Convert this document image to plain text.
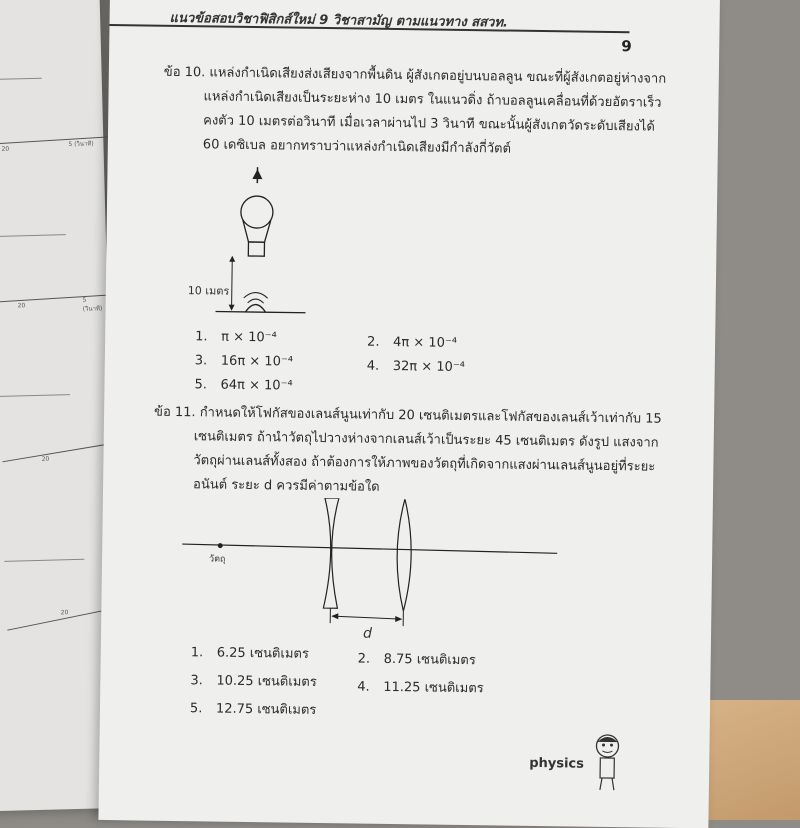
20
5 (วินาที)
20
5 (วินาที)
20
20
แนวข้อสอบวิชาฟิสิกส์ใหม่ 9 วิชาสามัญ ตามแนวทาง สสวท.
9
ข้อ 10. แหล่งกำเนิดเสียงส่งเสียงจากพื้นดิน ผู้สังเกตอยู่บนบอลลูน ขณะที่ผู้สังเกตอยู่ห่างจาก
แหล่งกำเนิดเสียงเป็นระยะห่าง 10 เมตร ในแนวดิ่ง ถ้าบอลลูนเคลื่อนที่ด้วยอัตราเร็ว
คงตัว 10 เมตรต่อวินาที เมื่อเวลาผ่านไป 3 วินาที ขณะนั้นผู้สังเกตวัดระดับเสียงได้
60 เดซิเบล อยากทราบว่าแหล่งกำเนิดเสียงมีกำลังกี่วัตต์
10 เมตร
1. π × 10⁻⁴	2. 4π × 10⁻⁴
3. 16π × 10⁻⁴	4. 32π × 10⁻⁴
5. 64π × 10⁻⁴
ข้อ 11. กำหนดให้โฟกัสของเลนส์นูนเท่ากับ 20 เซนติเมตรและโฟกัสของเลนส์เว้าเท่ากับ 15
เซนติเมตร ถ้านำวัตถุไปวางห่างจากเลนส์เว้าเป็นระยะ 45 เซนติเมตร ดังรูป แสงจาก
วัตถุผ่านเลนส์ทั้งสอง ถ้าต้องการให้ภาพของวัตถุที่เกิดจากแสงผ่านเลนส์นูนอยู่ที่ระยะ
อนันต์ ระยะ d ควรมีค่าตามข้อใด
วัตถุ
d
1. 6.25 เซนติเมตร	2. 8.75 เซนติเมตร
3. 10.25 เซนติเมตร	4. 11.25 เซนติเมตร
5. 12.75 เซนติเมตร
physics
